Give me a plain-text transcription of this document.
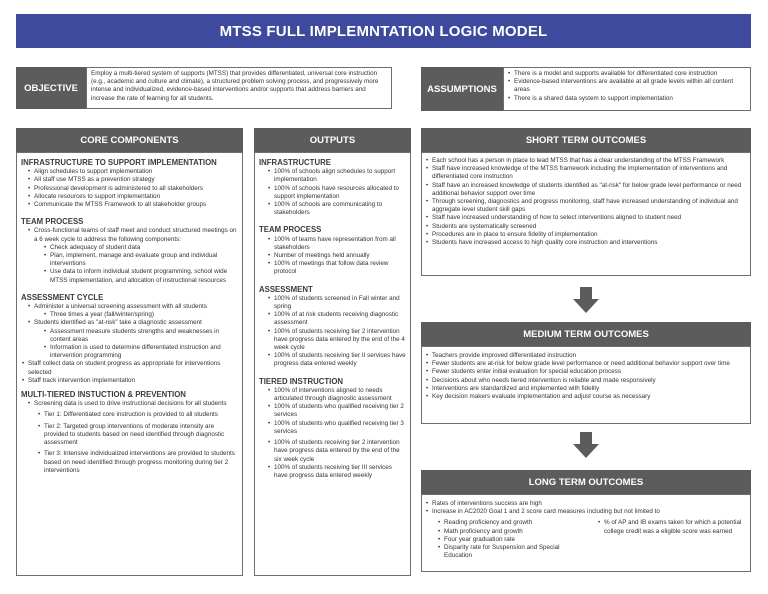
MTSS FULL IMPLEMNTATION LOGIC MODEL
OBJECTIVE
Employ a multi-tiered system of supports (MTSS) that provides differentiated, universal core instruction (e.g., academic and culture and climate), a structured problem solving process, and progressively more intense and individualized, evidence-based interventions and/or supports that address barriers and increase the rate of learning for all students.
ASSUMPTIONS
• There is a model and supports available for differentiated core instruction
• Evidence-based interventions are available at all grade levels within all content areas
• There is a shared data system to support implementation
CORE COMPONENTS
INFRASTRUCTURE TO SUPPORT IMPLEMENTATION
• Align schedules to support implementation
• All staff use MTSS as a prevention strategy
• Professional development is administered to all stakeholders
• Allocate resources to support implementation
• Communicate the MTSS Framework to all stakeholder groups
TEAM PROCESS
• Cross-functional teams of staff meet and conduct structured meetings on a 6 week cycle to address the following components:
• Check adequacy of student data
• Plan, implement, manage and evaluate group and individual interventions
• Use data to inform individual student programming, school wide MTSS implementation, and allocation of instructional resources
ASSESSMENT CYCLE
• Administer a universal screening assessment with all students
• Three times a year (fall/winter/spring)
• Students identified as "at-risk" take a diagnostic assessment
• Assessment measure students strengths and weaknesses in content areas
• Information is used to determine differentiated instruction and intervention programming
• Staff collect data on student progress as appropriate for interventions selected
• Staff track intervention implementation
MULTI-TIERED INSTUCTION & PREVENTION
• Screening data is used to drive instructional decisions for all students
• Tier 1: Differentiated core instruction is provided to all students
• Tier 2: Targeted group interventions of moderate intensity are provided to students based on need identified through diagnostic assessment
• Tier 3: Intensive individualized interventions are provided to students based on need identified through progress monitoring during tier 2 interventions
OUTPUTS
INFRASTRUCTURE
• 100% of schools align schedules to support implementation
• 100% of schools have resources allocated to support implementation
• 100% of schools are communicating to stakeholders
TEAM PROCESS
• 100% of teams have representation from all stakeholders
• Number of meetings held annually
• 100% of meetings that follow data review protocol
ASSESSMENT
• 100% of students screened in Fall winter and spring
• 100% of at risk students receiving diagnostic assessment
• 100% of students receiving tier 2 intervention have progress data entered by the end of the 4 week cycle
• 100% of students receiving tier II services have progress data entered weekly
TIERED INSTRUCTION
• 100% of interventions aligned to needs articulated through diagnostic assessment
• 100% of students who qualified receiving tier 2 services
• 100% of students who qualified receiving tier 3 services
• 100% of students receiving tier 2 intervention have progress data entered by the end of the six week cycle
• 100% of students receiving tier III services have progress data entered weekly
SHORT TERM OUTCOMES
• Each school has a person in place to lead MTSS that has a clear understanding of the MTSS Framework
• Staff have increased knowledge of the MTSS framework including the implementation of interventions and differentiated core instruction
• Staff have an increased knowledge of students identified as "at-risk" for below grade level performance or need additional behavior support over time
• Through screening, diagnostics and progress monitoring, staff have increased understanding of individual and aggregate level student skill gaps
• Staff have increased understanding of how to select interventions aligned to student need
• Students are systematically screened
• Procedures are in place to ensure fidelity of implementation
• Students have increased access to high quality core instruction and interventions
MEDIUM TERM OUTCOMES
• Teachers provide improved differentiated instruction
• Fewer students are at-risk for below grade level performance or need additional behavior support over time
• Fewer students enter initial evaluation for special education process
• Decisions about who needs tiered intervention is reliable and made responsively
• Interventions are standardized and implemented with fidelity
• Key decision makers evaluate implementation and adjust course as necessary
LONG TERM OUTCOMES
• Rates of interventions success are high
• Increase in AC2020 Goal 1 and 2 score card measures including but not limited to
• Reading proficiency and growth
• Math proficiency and growth
• Four year graduation rate
• Disparity rate for Suspension and Special Education
• % of AP and IB exams taken for which a potential college credit was a eligible score was earned
